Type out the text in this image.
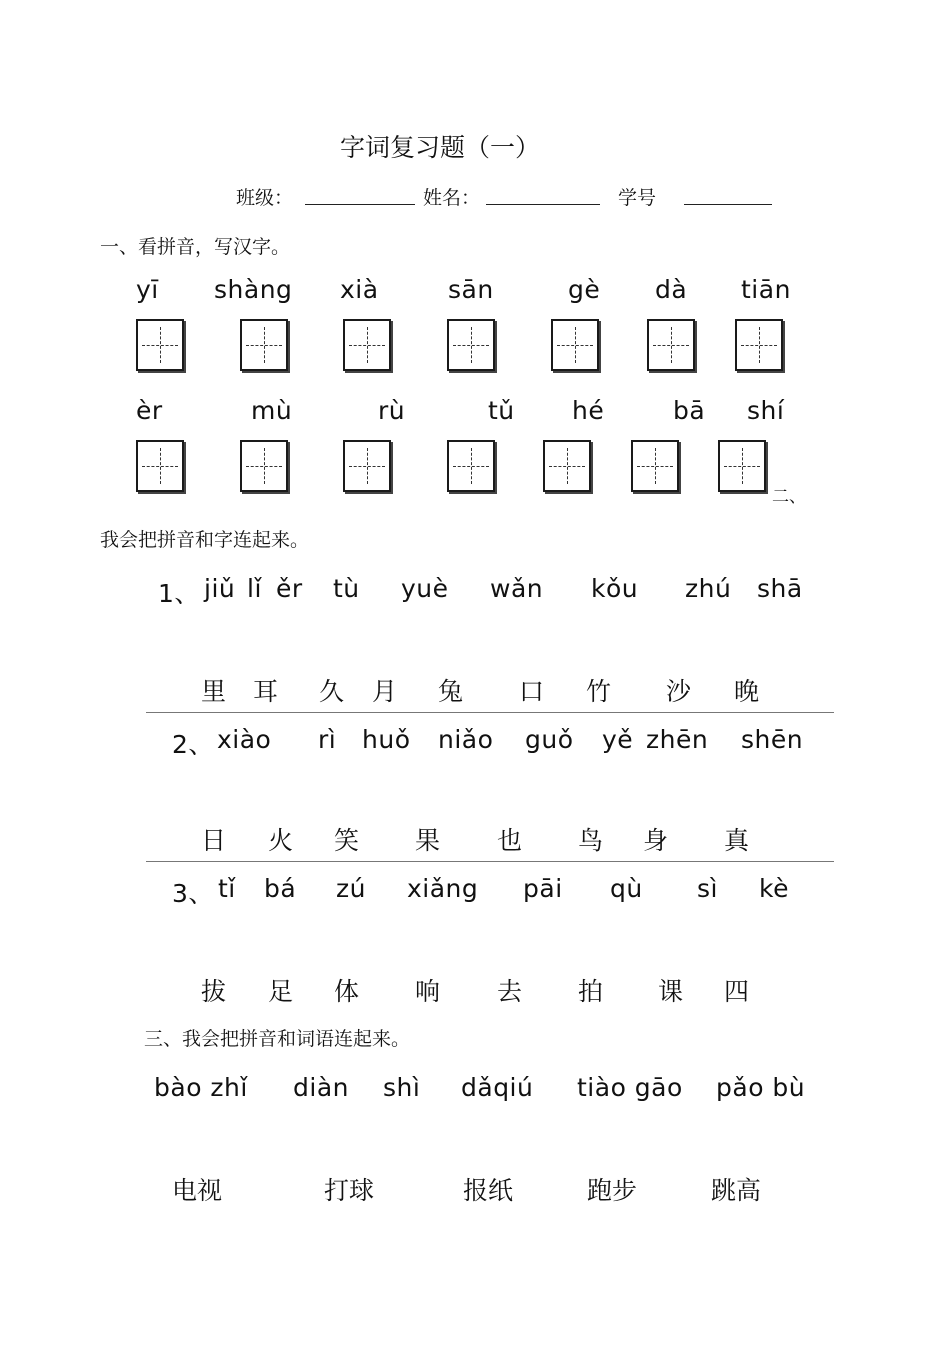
字词复习题（一）
班级：	姓名：	学号
一、看拼音，写汉字。
yī shàng xià	sān	gè dà tiān
èr	mù	rù	tǔ hé	bā shí
二、
我会把拼音和字连起来。
1、 jiǔ lǐ ěr tù yuè wǎn kǒu zhú shā
里 耳 久 月 兔 口 竹 沙 晚
2、 xiào rì huǒ niǎo guǒ yě zhēn shēn
日 火 笑 果 也 鸟 身 真
3、 tǐ bá zú xiǎng pāi qù sì kè
拔 足 体 响 去 拍 课 四
三、我会把拼音和词语连起来。
bào zhǐ diàn shì dǎqiú tiào gāo pǎo bù
电视	打球	报纸	跑步	跳高
